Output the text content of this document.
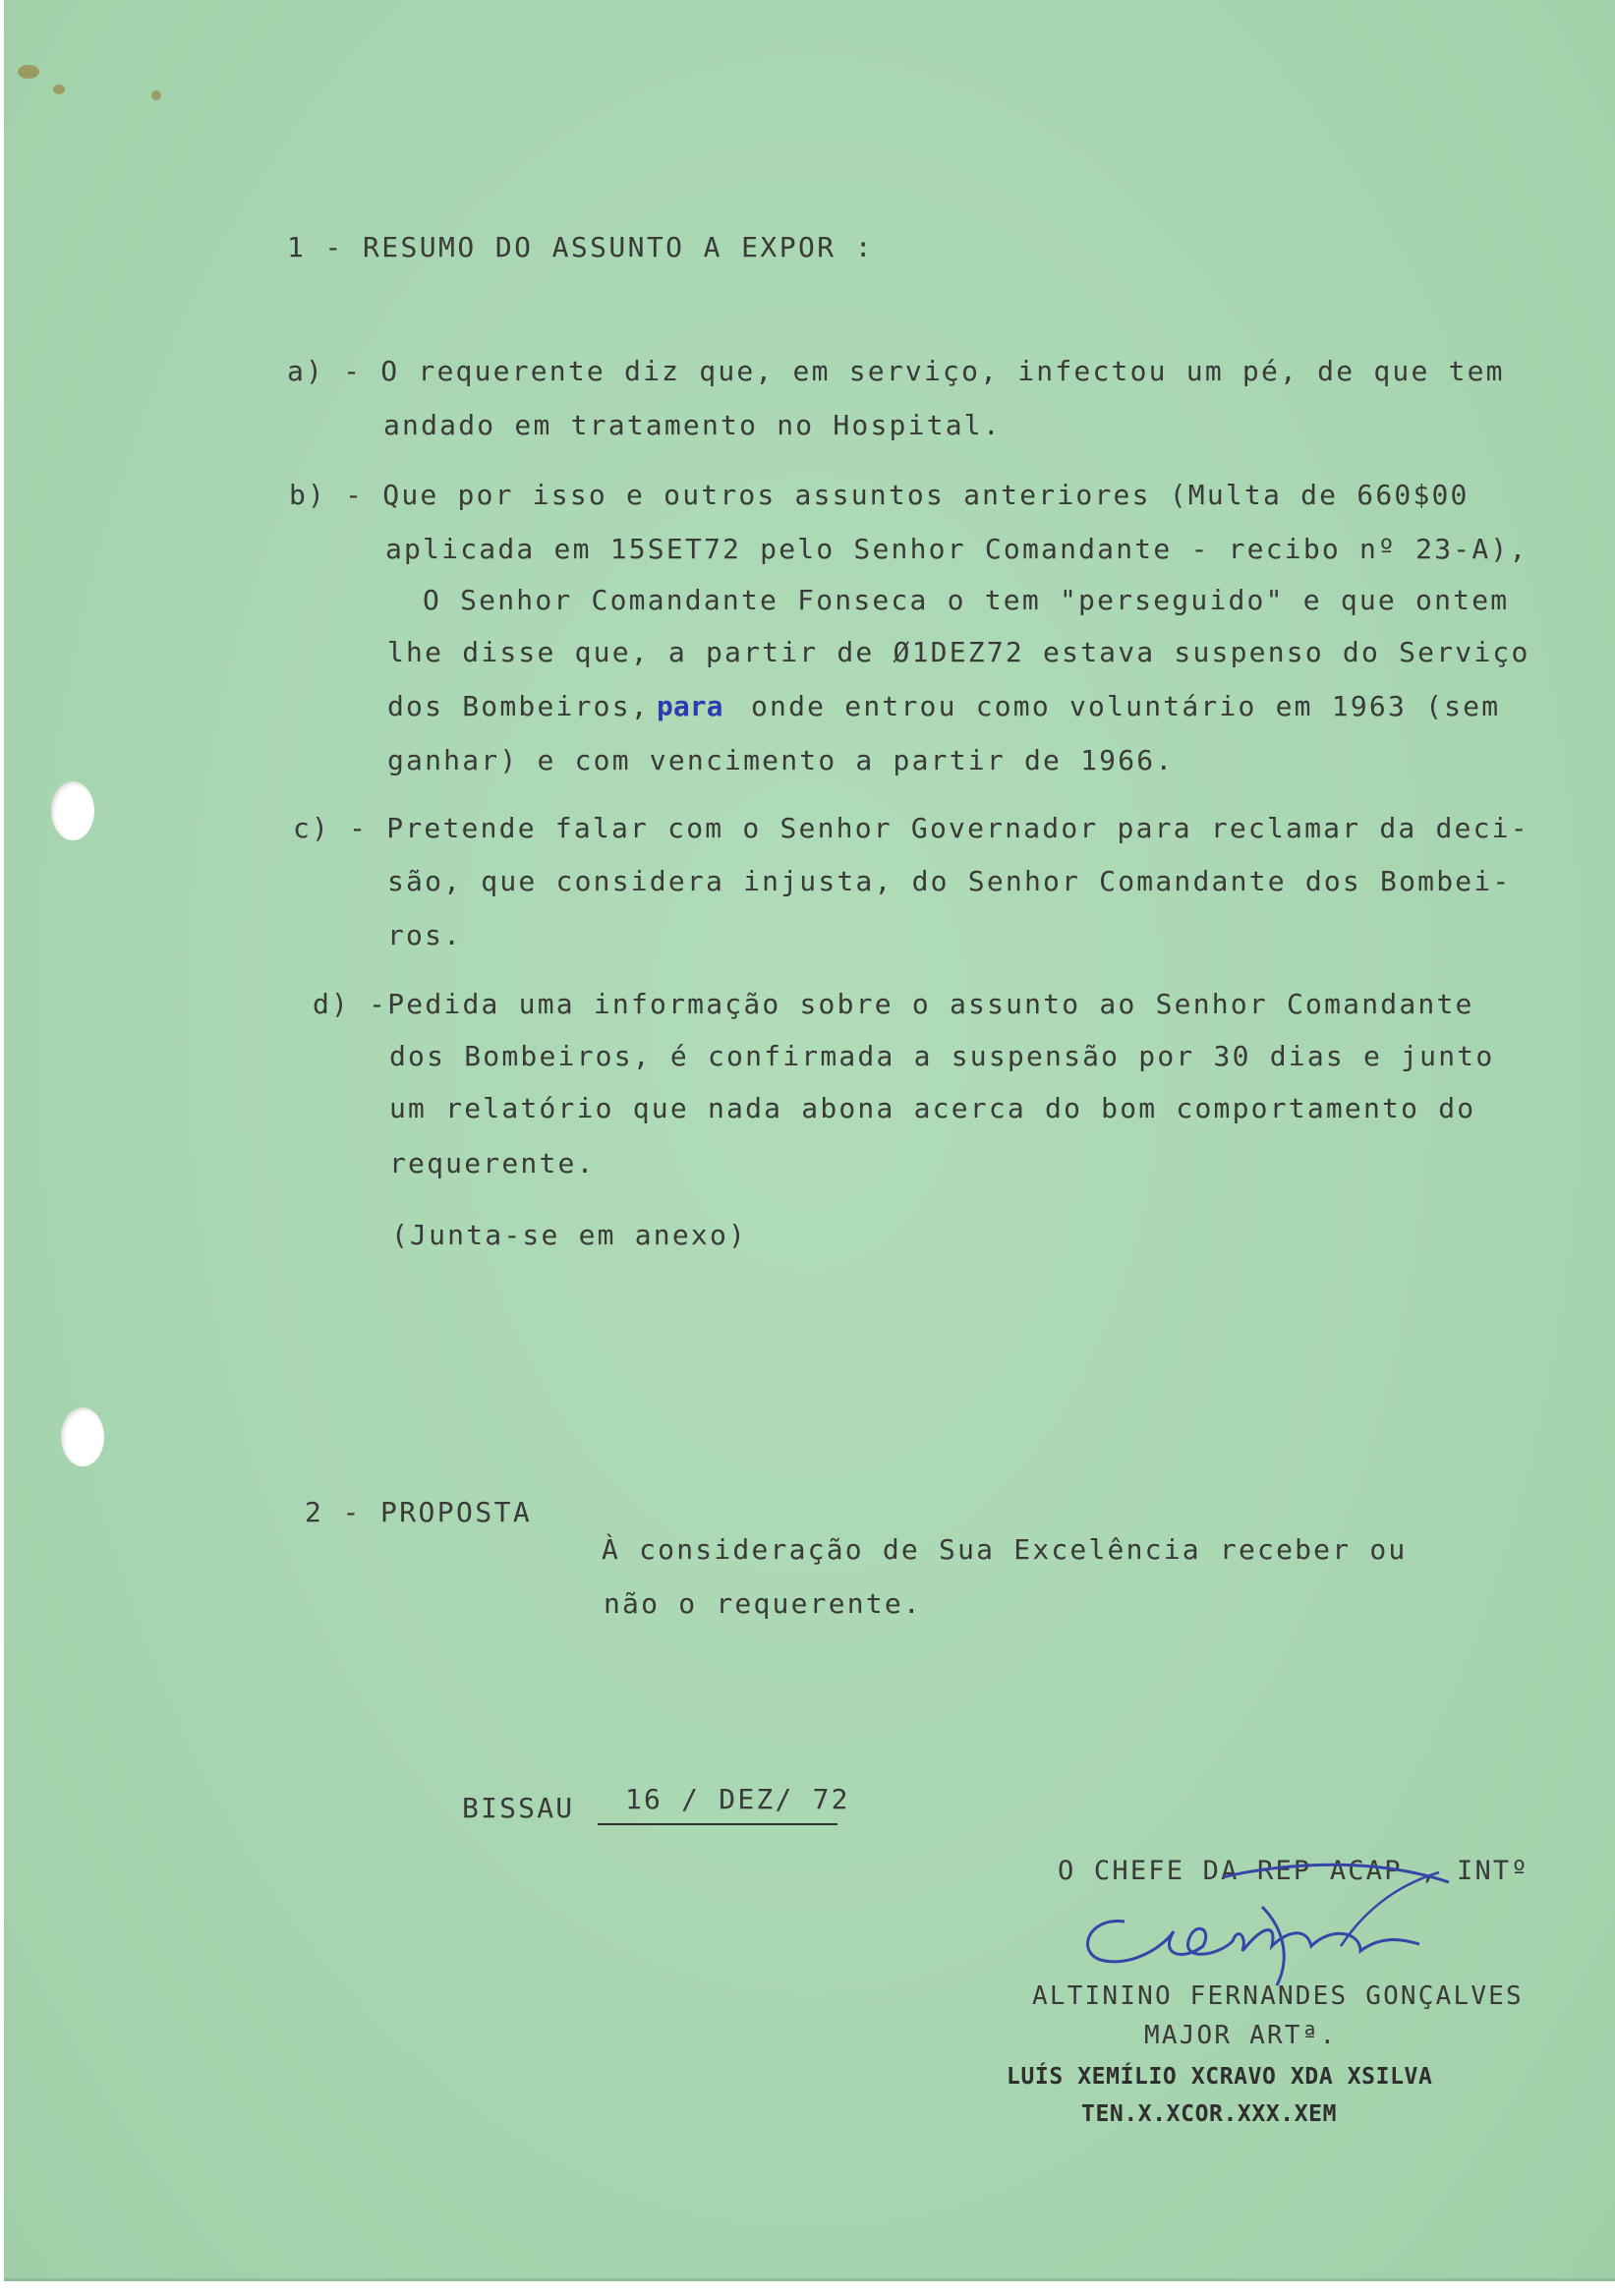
1 - RESUMO DO ASSUNTO A EXPOR :
a) - O requerente diz que, em serviço, infectou um pé, de que tem
andado em tratamento no Hospital.
b) - Que por isso e outros assuntos anteriores (Multa de 660$00
aplicada em 15SET72 pelo Senhor Comandante - recibo nº 23-A),
O Senhor Comandante Fonseca o tem "perseguido" e que ontem
lhe disse que, a partir de Ø1DEZ72 estava suspenso do Serviço
dos Bombeiros, para onde entrou como voluntário em 1963 (sem
ganhar) e com vencimento a partir de 1966.
c) - Pretende falar com o Senhor Governador para reclamar da deci-
são, que considera injusta, do Senhor Comandante dos Bombei-
ros.
d) -Pedida uma informação sobre o assunto ao Senhor Comandante
dos Bombeiros, é confirmada a suspensão por 30 dias e junto
um relatório que nada abona acerca do bom comportamento do
requerente.
(Junta-se em anexo)
2 - PROPOSTA
À consideração de Sua Excelência receber ou
não o requerente.
BISSAU 16 / DEZ/ 72
O CHEFE DA REP ACAP , INTº
ALTININO FERNANDES GONÇALVES
MAJOR ARTª.
LUÍS XEMÍLIO XCRAVO XDA XSILVA
TEN.X.XCOR.XXX.XEM
